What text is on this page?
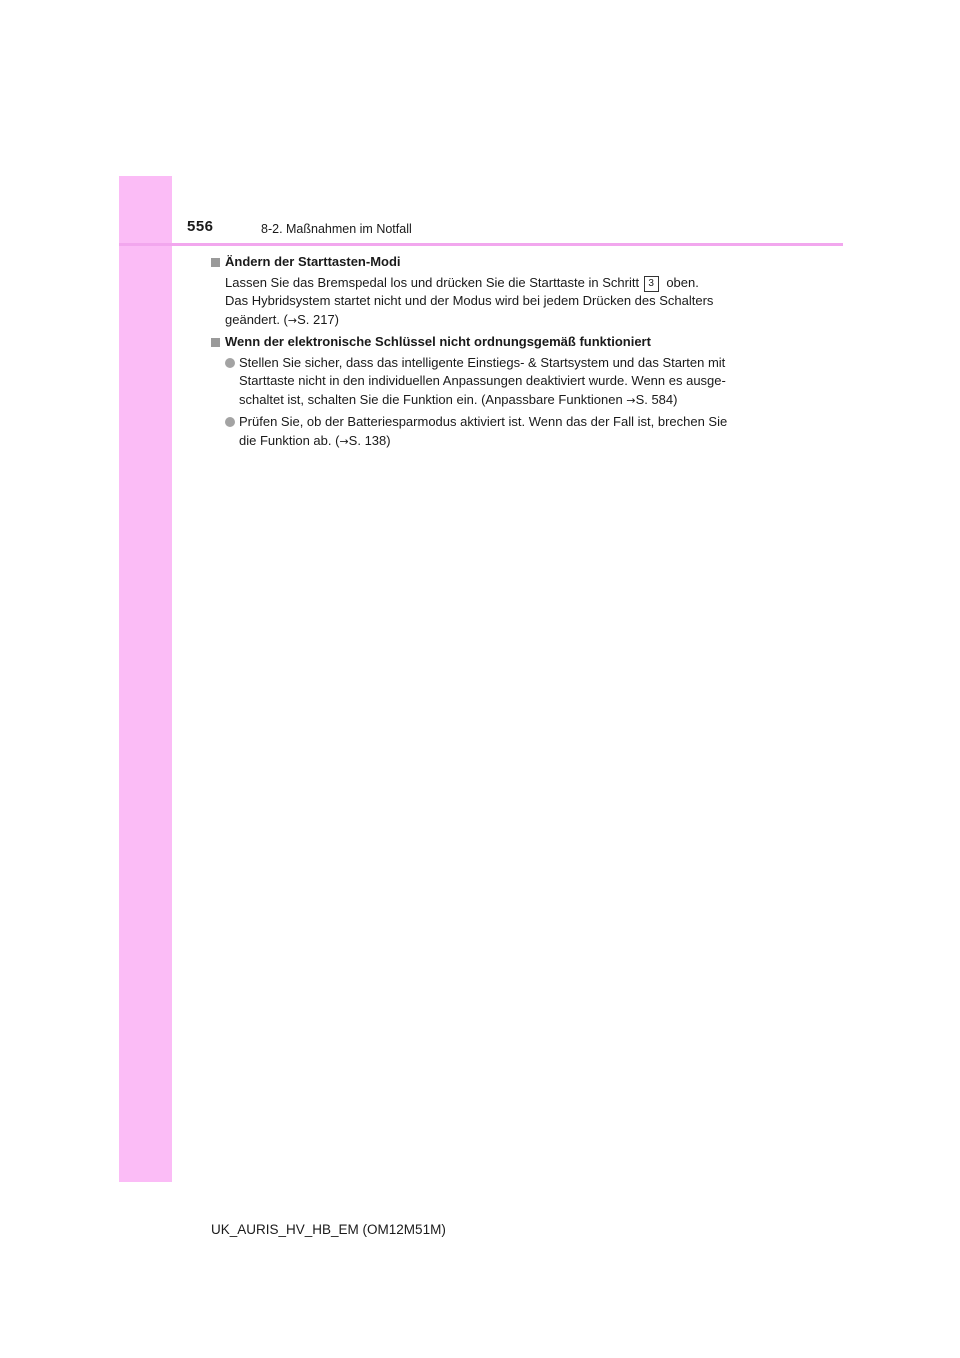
556	8-2. Maßnahmen im Notfall
Ändern der Starttasten-Modi
Lassen Sie das Bremspedal los und drücken Sie die Starttaste in Schritt 3 oben.
Das Hybridsystem startet nicht und der Modus wird bei jedem Drücken des Schalters
geändert. (→S. 217)
Wenn der elektronische Schlüssel nicht ordnungsgemäß funktioniert
Stellen Sie sicher, dass das intelligente Einstiegs- & Startsystem und das Starten mit
Starttaste nicht in den individuellen Anpassungen deaktiviert wurde. Wenn es ausge-
schaltet ist, schalten Sie die Funktion ein. (Anpassbare Funktionen →S. 584)
Prüfen Sie, ob der Batteriesparmodus aktiviert ist. Wenn das der Fall ist, brechen Sie
die Funktion ab. (→S. 138)
UK_AURIS_HV_HB_EM (OM12M51M)
